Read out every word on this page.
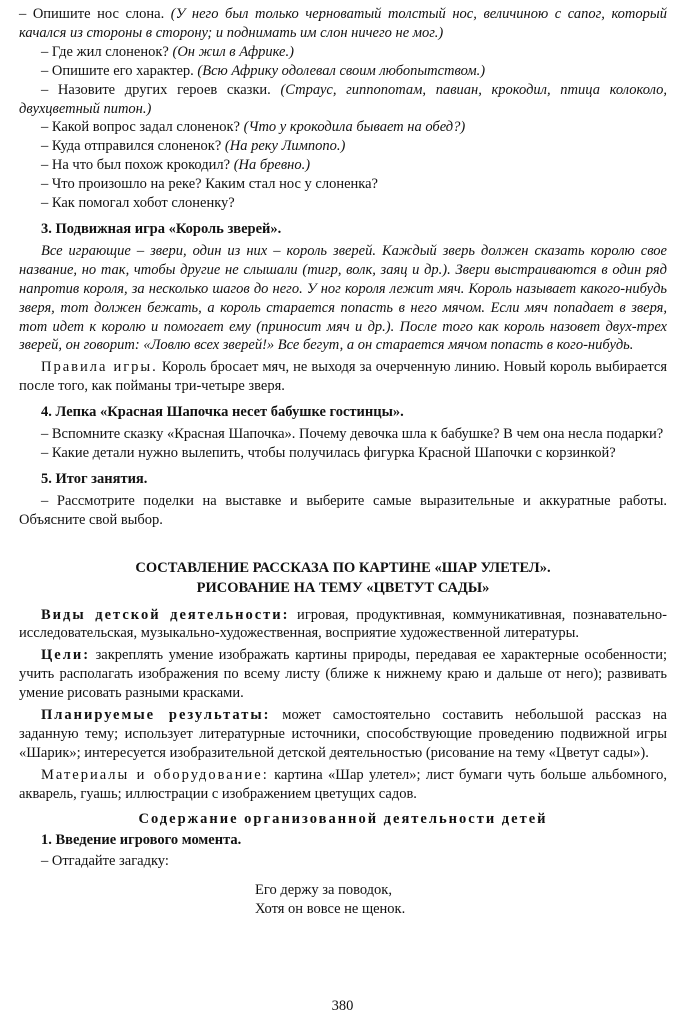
– Опишите нос слона. (У него был только черноватый толстый нос, величиною с сапог, который качался из стороны в сторону; и поднимать им слон ничего не мог.)

– Где жил слоненок? (Он жил в Африке.)

– Опишите его характер. (Всю Африку одолевал своим любопытством.)

– Назовите других героев сказки. (Страус, гиппопотам, павиан, крокодил, птица колоколо, двухцветный питон.)

– Какой вопрос задал слоненок? (Что у крокодила бывает на обед?)

– Куда отправился слоненок? (На реку Лимпопо.)

– На что был похож крокодил? (На бревно.)

– Что произошло на реке? Каким стал нос у слоненка?

– Как помогал хобот слоненку?

3. Подвижная игра «Король зверей».

Все играющие – звери, один из них – король зверей. Каждый зверь должен сказать королю свое название, но так, чтобы другие не слышали (тигр, волк, заяц и др.). Звери выстраиваются в один ряд напротив короля, за несколько шагов до него. У ног короля лежит мяч. Король называет какого-нибудь зверя, тот должен бежать, а король старается попасть в него мячом. Если мяч попадает в зверя, тот идет к королю и помогает ему (приносит мяч и др.). После того как король назовет двух-трех зверей, он говорит: «Ловлю всех зверей!» Все бегут, а он старается мячом попасть в кого-нибудь.

Правила игры. Король бросает мяч, не выходя за очерченную линию. Новый король выбирается после того, как пойманы три-четыре зверя.

4. Лепка «Красная Шапочка несет бабушке гостинцы».

– Вспомните сказку «Красная Шапочка». Почему девочка шла к бабушке? В чем она несла подарки?

– Какие детали нужно вылепить, чтобы получилась фигурка Красной Шапочки с корзинкой?

5. Итог занятия.

– Рассмотрите поделки на выставке и выберите самые выразительные и аккуратные работы. Объясните свой выбор.

СОСТАВЛЕНИЕ РАССКАЗА ПО КАРТИНЕ «ШАР УЛЕТЕЛ».
РИСОВАНИЕ НА ТЕМУ «ЦВЕТУТ САДЫ»

Виды детской деятельности: игровая, продуктивная, коммуникативная, познавательно-исследовательская, музыкально-художественная, восприятие художественной литературы.

Цели: закреплять умение изображать картины природы, передавая ее характерные особенности; учить располагать изображения по всему листу (ближе к нижнему краю и дальше от него); развивать умение рисовать разными красками.

Планируемые результаты: может самостоятельно составить небольшой рассказ на заданную тему; использует литературные источники, способствующие проведению подвижной игры «Шарик»; интересуется изобразительной детской деятельностью (рисование на тему «Цветут сады»).

Материалы и оборудование: картина «Шар улетел»; лист бумаги чуть больше альбомного, акварель, гуашь; иллюстрации с изображением цветущих садов.

Содержание организованной деятельности детей

1. Введение игрового момента.

– Отгадайте загадку:

Его держу за поводок,
Хотя он вовсе не щенок.
380
